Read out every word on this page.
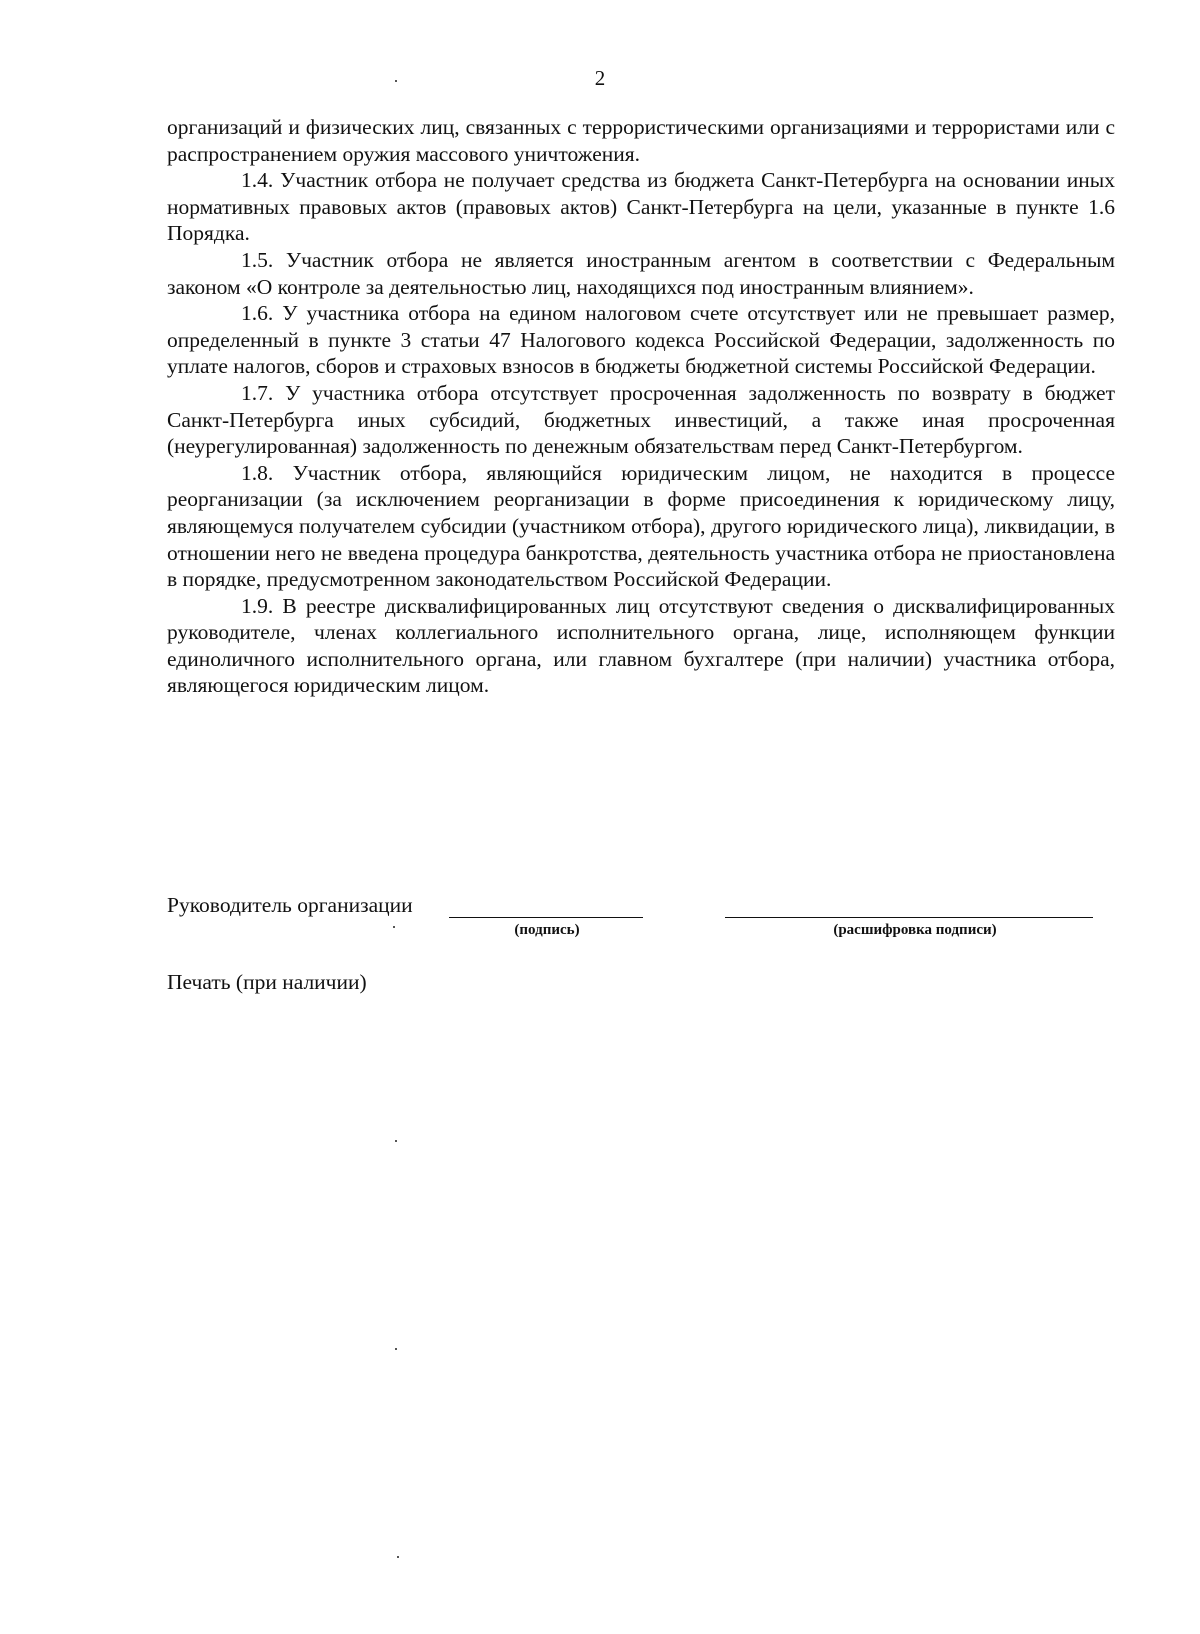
2

организаций и физических лиц, связанных с террористическими организациями и террористами или с распространением оружия массового уничтожения.

1.4. Участник отбора не получает средства из бюджета Санкт-Петербурга на основании иных нормативных правовых актов (правовых актов) Санкт-Петербурга на цели, указанные в пункте 1.6 Порядка.

1.5. Участник отбора не является иностранным агентом в соответствии с Федеральным законом «О контроле за деятельностью лиц, находящихся под иностранным влиянием».

1.6. У участника отбора на едином налоговом счете отсутствует или не превышает размер, определенный в пункте 3 статьи 47 Налогового кодекса Российской Федерации, задолженность по уплате налогов, сборов и страховых взносов в бюджеты бюджетной системы Российской Федерации.

1.7. У участника отбора отсутствует просроченная задолженность по возврату в бюджет Санкт-Петербурга иных субсидий, бюджетных инвестиций, а также иная просроченная (неурегулированная) задолженность по денежным обязательствам перед Санкт-Петербургом.

1.8. Участник отбора, являющийся юридическим лицом, не находится в процессе реорганизации (за исключением реорганизации в форме присоединения к юридическому лицу, являющемуся получателем субсидии (участником отбора), другого юридического лица), ликвидации, в отношении него не введена процедура банкротства, деятельность участника отбора не приостановлена в порядке, предусмотренном законодательством Российской Федерации.

1.9. В реестре дисквалифицированных лиц отсутствуют сведения о дисквалифицированных руководителе, членах коллегиального исполнительного органа, лице, исполняющем функции единоличного исполнительного органа, или главном бухгалтере (при наличии) участника отбора, являющегося юридическим лицом.

Руководитель организации
(подпись)	(расшифровка подписи)
Печать (при наличии)
